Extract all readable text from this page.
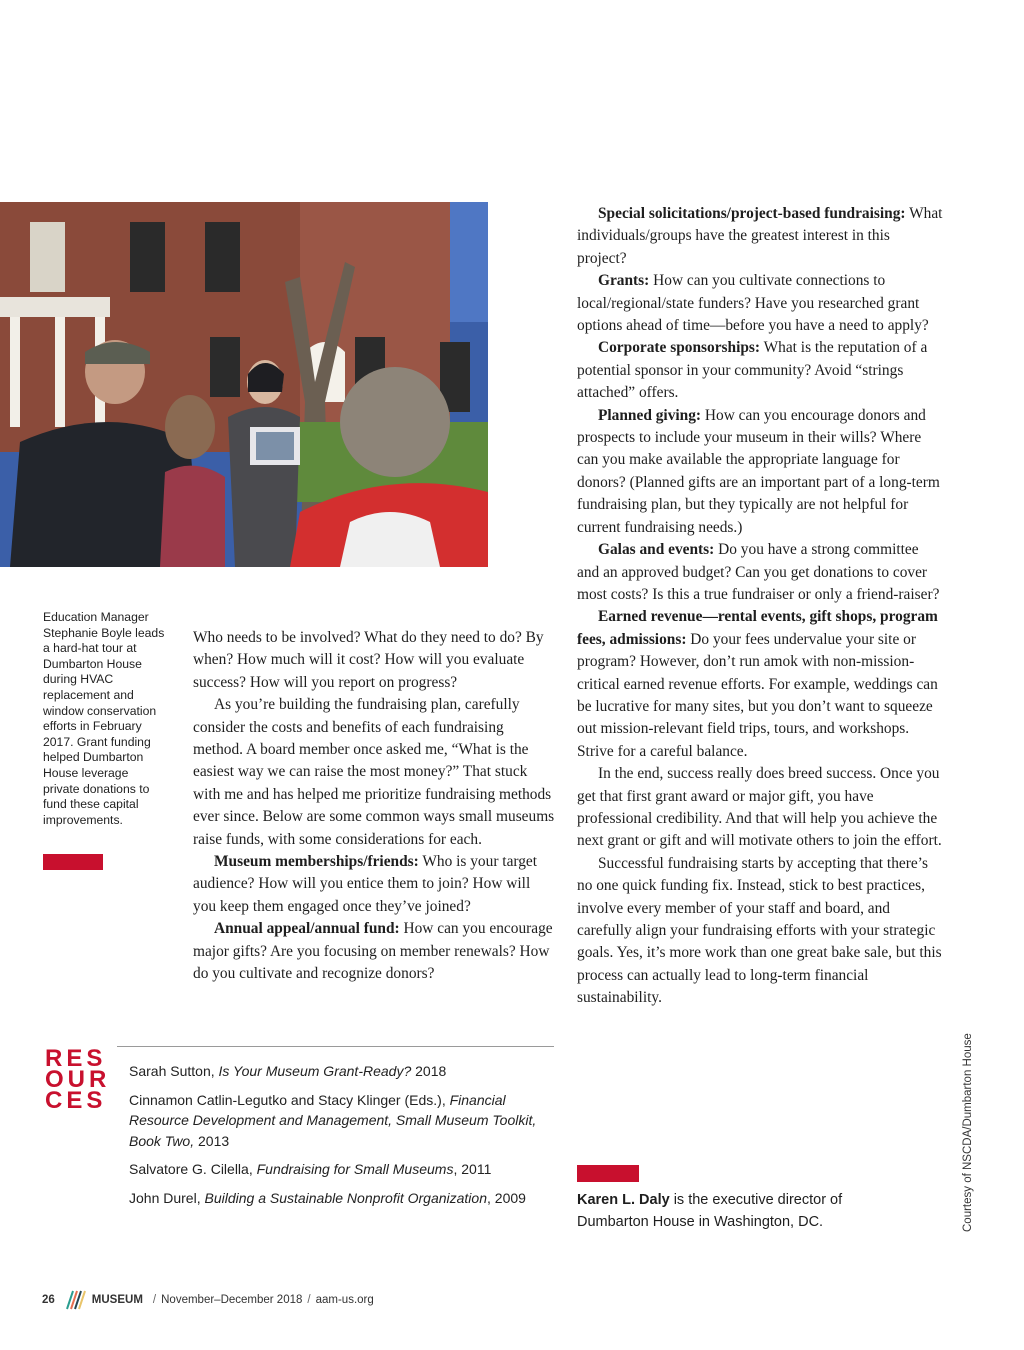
Education Manager Stephanie Boyle leads a hard-hat tour at Dumbarton House during HVAC replacement and window conservation efforts in February 2017. Grant funding helped Dumbarton House leverage private donations to fund these capital improvements.

Who needs to be involved? What do they need to do? By when? How much will it cost? How will you evaluate success? How will you report on progress?

As you’re building the fundraising plan, carefully consider the costs and benefits of each fundraising method. A board member once asked me, “What is the easiest way we can raise the most money?” That stuck with me and has helped me prioritize fundraising methods ever since. Below are some common ways small museums raise funds, with some considerations for each.

Museum memberships/friends: Who is your target audience? How will you entice them to join? How will you keep them engaged once they’ve joined?

Annual appeal/annual fund: How can you encourage major gifts? Are you focusing on member renewals? How do you cultivate and recognize donors?

Special solicitations/project-based fundraising: What individuals/groups have the greatest interest in this project?

Grants: How can you cultivate connections to local/regional/state funders? Have you researched grant options ahead of time—before you have a need to apply?

Corporate sponsorships: What is the reputation of a potential sponsor in your community? Avoid “strings attached” offers.

Planned giving: How can you encourage donors and prospects to include your museum in their wills? Where can you make available the appropriate language for donors? (Planned gifts are an important part of a long-term fundraising plan, but they typically are not helpful for current fundraising needs.)

Galas and events: Do you have a strong committee and an approved budget? Can you get donations to cover most costs? Is this a true fundraiser or only a friend-raiser?

Earned revenue—rental events, gift shops, program fees, admissions: Do your fees undervalue your site or program? However, don’t run amok with non-mission-critical earned revenue efforts. For example, weddings can be lucrative for many sites, but you don’t want to squeeze out mission-relevant field trips, tours, and workshops. Strive for a careful balance.

In the end, success really does breed success. Once you get that first grant award or major gift, you have professional credibility. And that will help you achieve the next grant or gift and will motivate others to join the effort.

Successful fundraising starts by accepting that there’s no one quick funding fix. Instead, stick to best practices, involve every member of your staff and board, and carefully align your fundraising efforts with your strategic goals. Yes, it’s more work than one great bake sale, but this process can actually lead to long-term financial sustainability.

RES
OUR
CES
Sarah Sutton, Is Your Museum Grant-Ready? 2018
Cinnamon Catlin-Legutko and Stacy Klinger (Eds.), Financial Resource Development and Management, Small Museum Toolkit, Book Two, 2013
Salvatore G. Cilella, Fundraising for Small Museums, 2011
John Durel, Building a Sustainable Nonprofit Organization, 2009	Karen L. Daly is the executive director of Dumbarton House in Washington, DC.	Courtesy of NSCDA/Dumbarton House
26	MUSEUM / November–December 2018 / aam-us.org
